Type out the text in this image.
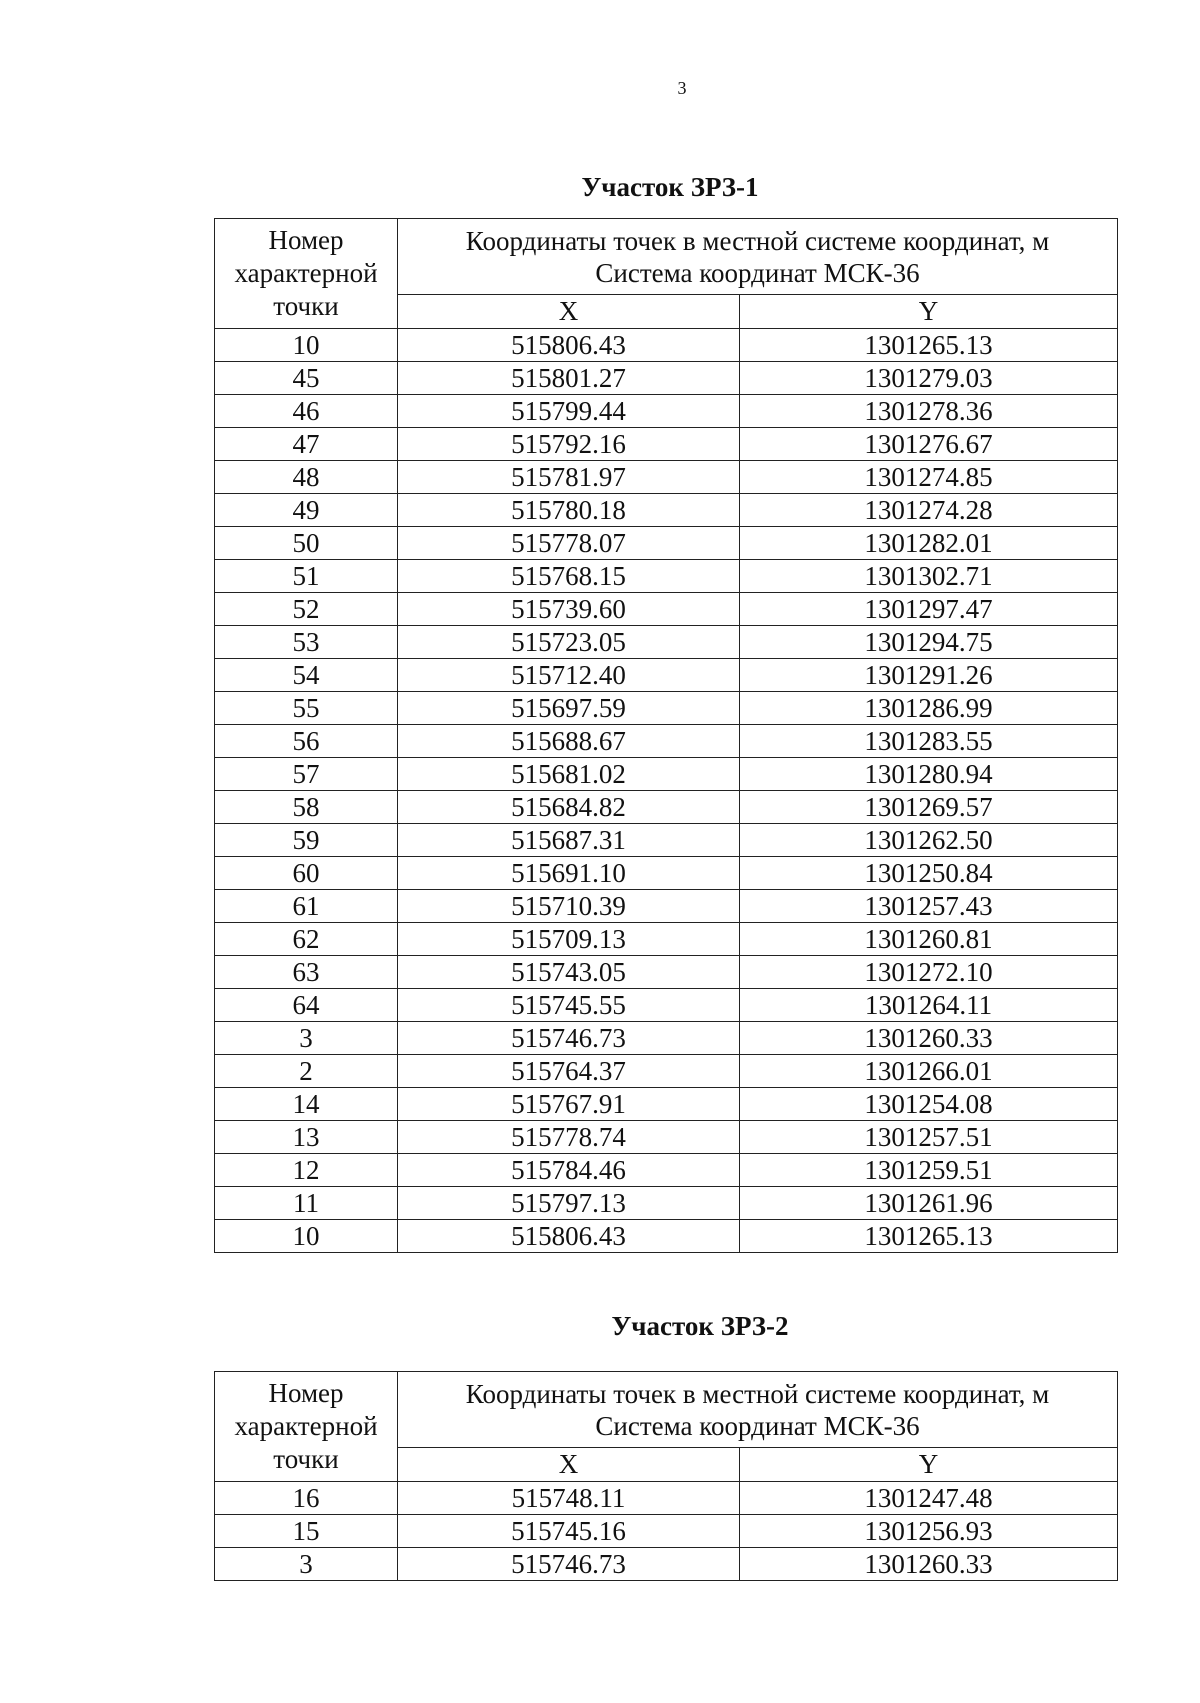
3
Участок ЗРЗ-1
Номер
характерной
точки	Координаты точек в местной системе координат, м
Система координат МСК-36	
	X	Y
10	515806.43	1301265.13
45	515801.27	1301279.03
46	515799.44	1301278.36
47	515792.16	1301276.67
48	515781.97	1301274.85
49	515780.18	1301274.28
50	515778.07	1301282.01
51	515768.15	1301302.71
52	515739.60	1301297.47
53	515723.05	1301294.75
54	515712.40	1301291.26
55	515697.59	1301286.99
56	515688.67	1301283.55
57	515681.02	1301280.94
58	515684.82	1301269.57
59	515687.31	1301262.50
60	515691.10	1301250.84
61	515710.39	1301257.43
62	515709.13	1301260.81
63	515743.05	1301272.10
64	515745.55	1301264.11
3	515746.73	1301260.33
2	515764.37	1301266.01
14	515767.91	1301254.08
13	515778.74	1301257.51
12	515784.46	1301259.51
11	515797.13	1301261.96
10	515806.43	1301265.13
Участок ЗРЗ-2
Номер
характерной
точки	Координаты точек в местной системе координат, м
Система координат МСК-36	
	X	Y
16	515748.11	1301247.48
15	515745.16	1301256.93
3	515746.73	1301260.33
